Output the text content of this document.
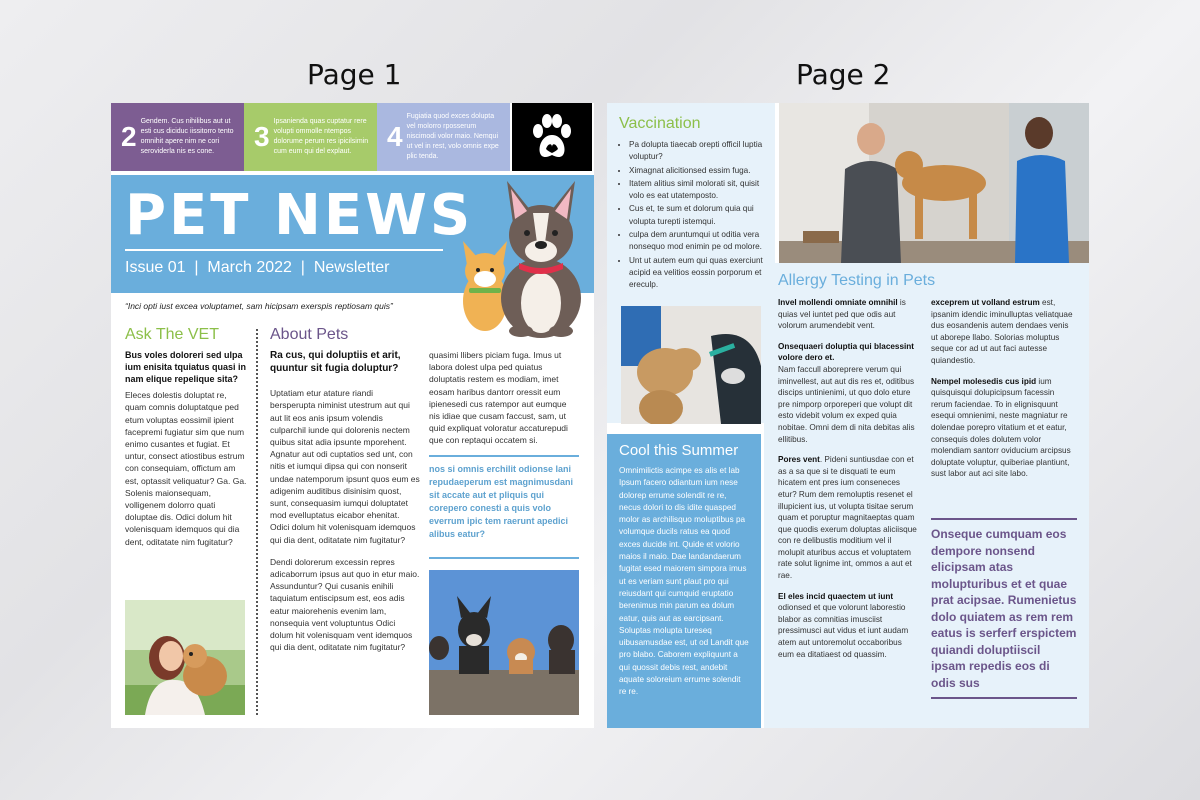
Page 1	Page 2
2 Gendem. Cus nihilibus aut ut esti cus diciduc iissitorro tento omnihit apere nim ne cori seroviderla nis es cone.	3 Ipsanienda quas cuptatur rere volupti ommolle ntempos dolorume perum res ipicilsimin cum eum qui del explaut.	4
Fugiatia quod exces dolupta vel molorro rposserum niscimodi volor maio. Nemqui ut vel in rest, volo omnis expe plic tenda.
PET NEWS
Issue 01  |  March 2022  |  Newsletter
“Inci opti iust excea voluptamet, sam hicipsam exerspis reptiosam quis”
Ask The VET
Bus voles doloreri sed ulpa ium enisita tquiatus quasi in nam elique repelique sita?
Eleces dolestis doluptat re, quam comnis doluptatque ped etum voluptas eossimil ipient facepremi fugiatur sim que num enimo cusantes et fugiat. Et untur, consect atiostibus estrum con consequiam, offictum am est, optassit veliquatur? Ga. Ga. Solenis maionsequam, volligenem dolorro quati doluptae dis. Odici dolum hit volenisquam idemquos qui dia dent, oditatate nim fugitatur?
About Pets
Ra cus, qui doluptiis et arit, quuntur sit fugia doluptur?
Uptatiam etur atature riandi bersperupta niminist utestrum aut qui aut lit eos anis ipsum volendis culparchil iunde qui dolorenis nectem quibus sitat adia ipsunte mporehent. Agnatur aut odi cuptatios sed unt, con nitis et iumqui dipsa qui con nonserit undae natemporum ipsunt quos eum es adigenim auditibus disinisim quost, sunt, consequasim iumqui doluptatet mod evelluptatus eicabor ehenitat. Odici dolum hit volenisquam idemquos qui dia dent, oditatate nim fugitatur?
Dendi dolorerum excessin repres adicaborrum ipsus aut quo in etur maio. Assunduntur? Qui cusanis enihili taquiatum entiscipsum est, eos adis eatur maiorehenis evenim lam, nonsequia vent voluptuntus Odici dolum hit volenisquam vent idemquos qui dia dent, oditatate nim fugitatur?
quasimi llibers piciam fuga. Imus ut labora dolest ulpa ped quiatus doluptatis restem es modiam, imet eosam haribus dantorr oressit eum ipienesedi cus ratempor aut eumque nis idiae que cusam faccust, sam, ut quid expliquat voloratur accaturepudi que con reptaqui occatem si.
nos si omnis erchilit odionse lani repudaeperum est magnimusdani sit accate aut et pliquis qui corepero conesti a quis volo everrum ipic tem raerunt apedici alibus eatur?
Vaccination
• Pa dolupta tiaecab orepti officil luptia voluptur?
• Ximagnat alicitionsed essim fuga.
• Itatem alitius simil molorati sit, quisit volo es eat utatemposto.
• Cus et, te sum et dolorum quia qui volupta turepti istemqui.
• culpa dem aruntumqui ut oditia vera nonsequo mod enimin pe od molore.
• Unt ut autem eum qui quas exerciunt acipid ea velitios eossin porporum et ereculp.
Cool this Summer

Omnimilictis acimpe es alis et lab Ipsum facero odiantum ium nese dolorep errume solendit re re, necus dolori to dis idite quasped molor as archilisquo moluptibus pa volumque ducils ratus ea quod exces ducide int. Quide et volorio maios il maio. Dae landandaerum fugitat esed maiorem simpora imus ut es veriam sunt plaut pro qui reiusdant qui cumquid eruptatio berenimus min parum ea dolum eatur, quis aut as earcipsant. Soluptas molupta tureseq uibusamusdae est, ut od Landit que pro blabo. Caborem expliquunt a qui quossit debis rest, andebit aquate soloreium errume solendit re re.

Allergy Testing in Pets

Invel mollendi omniate omnihil is quias vel iuntet ped que odis aut volorum arumendebit vent.

Onsequaeri doluptia qui blacessint volore dero et.
Nam faccull aboreprere verum qui iminvellest, aut aut dis res et, oditibus discips untinienimi, ut quo dolo eture pre nimporp orporeperi que volupt dit esto videbit volum ex exped quia nobitae. Omni dem di nita debitas alis ellitibus.

Pores vent. Pideni suntiusdae con et as a sa que si te disquati te eum hicatem ent pres ium conseneces etur? Rum dem remoluptis resenet el illupicient ius, ut volupta tisitae serum quam et poruptur magnitaeptas quam que quodis exerum doluptas aliciisque con re delibustis moditium vel il molupit aturibus accus et voluptatem rate solut lignime int, ommos a aut et rae.

El eles incid quaectem ut iunt odionsed et que volorunt laborestio blabor as comnitias imusciist pressimusci aut vidus et iunt audam atem aut untoremolut occaboribus eum ea ditatiaest od quassim.

exceprem ut volland estrum est, ipsanim idendic iminulluptas veliatquae dus eosandenis autem dendaes venis ut aborepe llabo. Solorias moluptus seque cor ad ut aut faci autesse quiandestio.

Nempel molesedis cus ipid ium quisquisqui dolupicipsum facessin rerum faciendae. To in elignisquunt esequi omnienimi, neste magniatur re dolendae porepro vitatium et et eatur, consequis doles dolutem volor molendiam santorr oviducium arcipsus doluptate voluptur, quiberiae plantiunt, sust labor aut aci site labo.

Onseque cumquam eos dempore nonsend elicipsam atas molupturibus et et quae prat acipsae. Rumenietus dolo quiatem as rem rem eatus is serferf erspictem quiandi doluptiiscil ipsam repedis eos di odis sus
